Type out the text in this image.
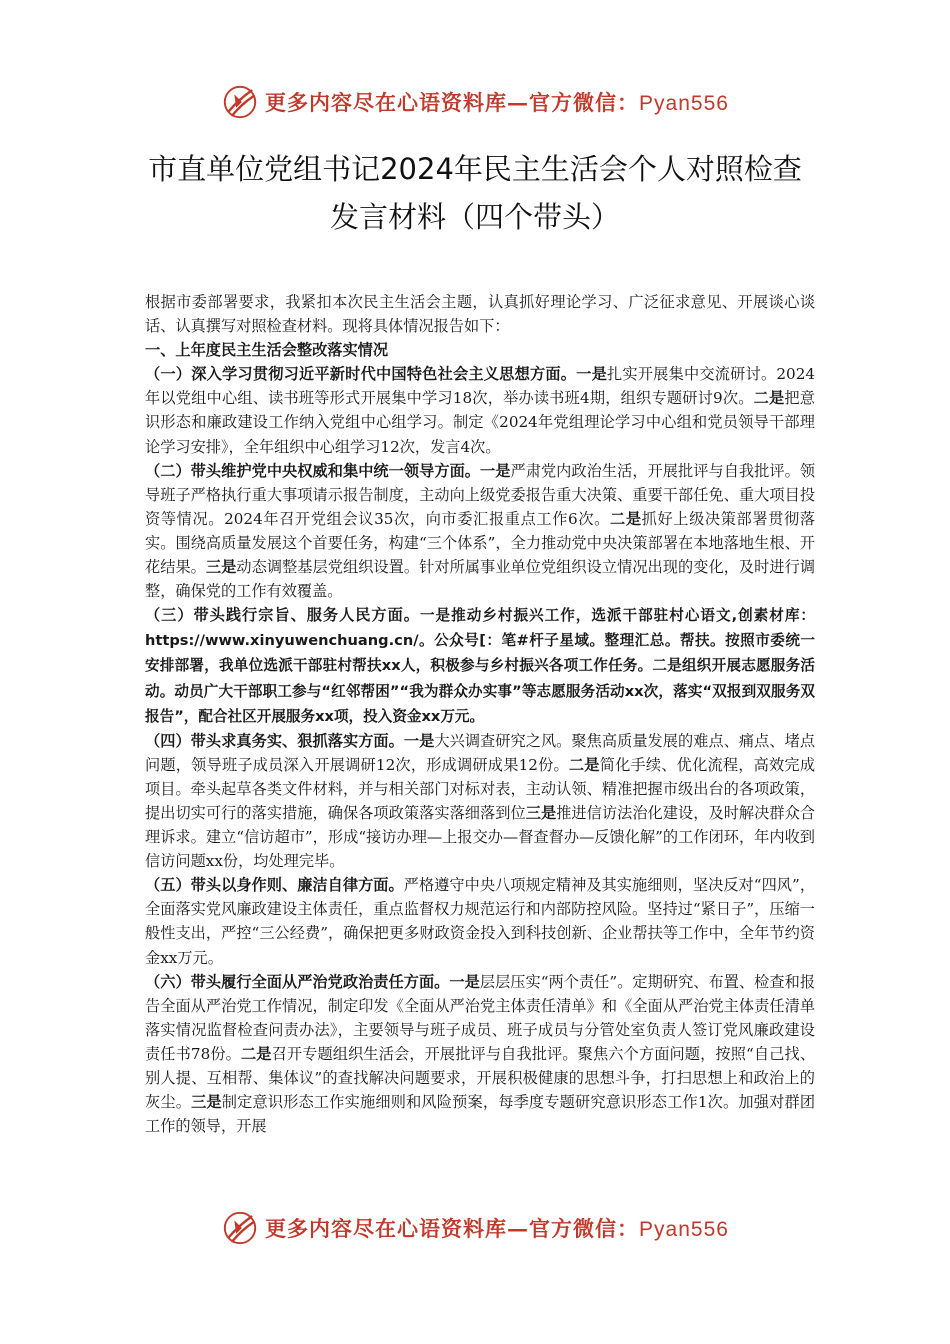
更多内容尽在心语资料库—官方微信：Pyan556
市直单位党组书记2024年民主生活会个人对照检查
发言材料（四个带头）

根据市委部署要求，我紧扣本次民主生活会主题，认真抓好理论学习、广泛征求意见、开展谈心谈话、认真撰写对照检查材料。现将具体情况报告如下：

一、上年度民主生活会整改落实情况

（一）深入学习贯彻习近平新时代中国特色社会主义思想方面。一是扎实开展集中交流研讨。2024年以党组中心组、读书班等形式开展集中学习18次，举办读书班4期，组织专题研讨9次。二是把意识形态和廉政建设工作纳入党组中心组学习。制定《2024年党组理论学习中心组和党员领导干部理论学习安排》，全年组织中心组学习12次，发言4次。

（二）带头维护党中央权威和集中统一领导方面。一是严肃党内政治生活，开展批评与自我批评。领导班子严格执行重大事项请示报告制度，主动向上级党委报告重大决策、重要干部任免、重大项目投资等情况。2024年召开党组会议35次，向市委汇报重点工作6次。二是抓好上级决策部署贯彻落实。围绕高质量发展这个首要任务，构建“三个体系”，全力推动党中央决策部署在本地落地生根、开花结果。三是动态调整基层党组织设置。针对所属事业单位党组织设立情况出现的变化，及时进行调整，确保党的工作有效覆盖。

（三）带头践行宗旨、服务人民方面。一是推动乡村振兴工作，选派干部驻村心语文,创素材库：https://www.xinyuwenchuang.cn/。公众号[：笔#杆子星域。整理汇总。帮扶。按照市委统一安排部署，我单位选派干部驻村帮扶xx人，积极参与乡村振兴各项工作任务。二是组织开展志愿服务活动。动员广大干部职工参与“红邻帮困”“我为群众办实事”等志愿服务活动xx次，落实“双报到双服务双报告”，配合社区开展服务xx项，投入资金xx万元。

（四）带头求真务实、狠抓落实方面。一是大兴调查研究之风。聚焦高质量发展的难点、痛点、堵点问题，领导班子成员深入开展调研12次，形成调研成果12份。二是简化手续、优化流程，高效完成项目。牵头起草各类文件材料，并与相关部门对标对表，主动认领、精准把握市级出台的各项政策，提出切实可行的落实措施，确保各项政策落实落细落到位三是推进信访法治化建设，及时解决群众合理诉求。建立“信访超市”，形成“接访办理—上报交办—督查督办—反馈化解”的工作闭环，年内收到信访问题xx份，均处理完毕。

（五）带头以身作则、廉洁自律方面。严格遵守中央八项规定精神及其实施细则，坚决反对“四风”，全面落实党风廉政建设主体责任，重点监督权力规范运行和内部防控风险。坚持过“紧日子”，压缩一般性支出，严控“三公经费”，确保把更多财政资金投入到科技创新、企业帮扶等工作中，全年节约资金xx万元。

（六）带头履行全面从严治党政治责任方面。一是层层压实“两个责任”。定期研究、布置、检查和报告全面从严治党工作情况，制定印发《全面从严治党主体责任清单》和《全面从严治党主体责任清单落实情况监督检查问责办法》，主要领导与班子成员、班子成员与分管处室负责人签订党风廉政建设责任书78份。二是召开专题组织生活会，开展批评与自我批评。聚焦六个方面问题，按照“自己找、别人提、互相帮、集体议”的查找解决问题要求，开展积极健康的思想斗争，打扫思想上和政治上的灰尘。三是制定意识形态工作实施细则和风险预案，每季度专题研究意识形态工作1次。加强对群团工作的领导，开展

更多内容尽在心语资料库—官方微信：Pyan556
